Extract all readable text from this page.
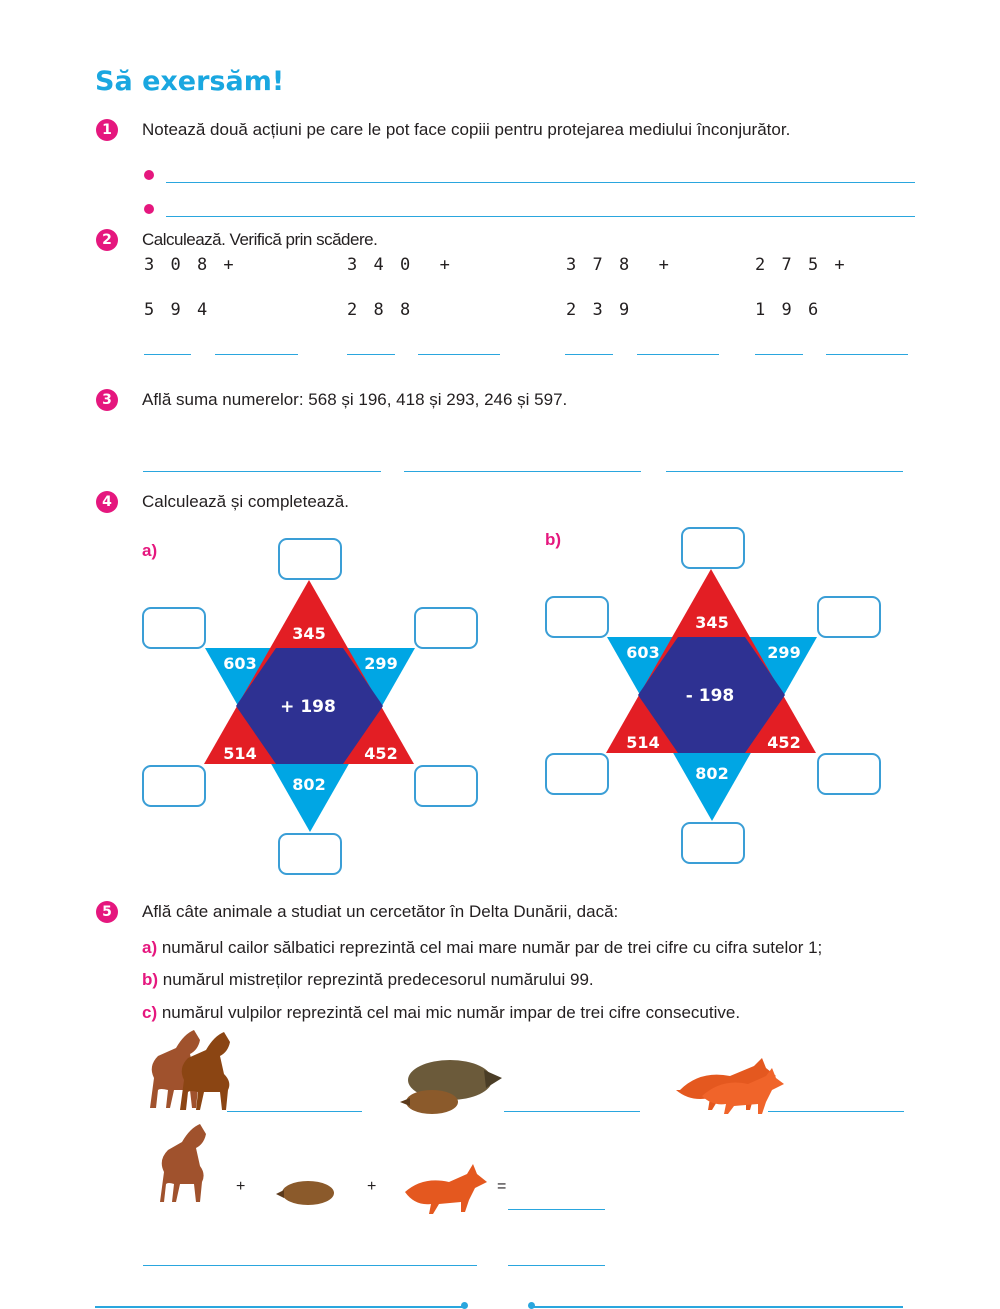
Să exersăm!
1	Notează două acțiuni pe care le pot face copiii pentru protejarea mediului înconjurător.
2	Calculează. Verifică prin scădere.
3 0 8 +
5 9 4
3 4 0  +
2 8 8
3 7 8  +
2 3 9
2 7 5 +
1 9 6
3	Află suma numerelor: 568 și 196, 418 și 293, 246 și 597.
4	Calculează și completează.
a)
b)
345
603	299
+ 198
514	452
802
345
603	299
- 198
514	452
802
5	Află câte animale a studiat un cercetător în Delta Dunării, dacă:
a) numărul cailor sălbatici reprezintă cel mai mare număr par de trei cifre cu cifra sutelor 1;
b) numărul mistreților reprezintă predecesorul numărului 99.
c) numărul vulpilor reprezintă cel mai mic număr impar de trei cifre consecutive.
+	+	=
